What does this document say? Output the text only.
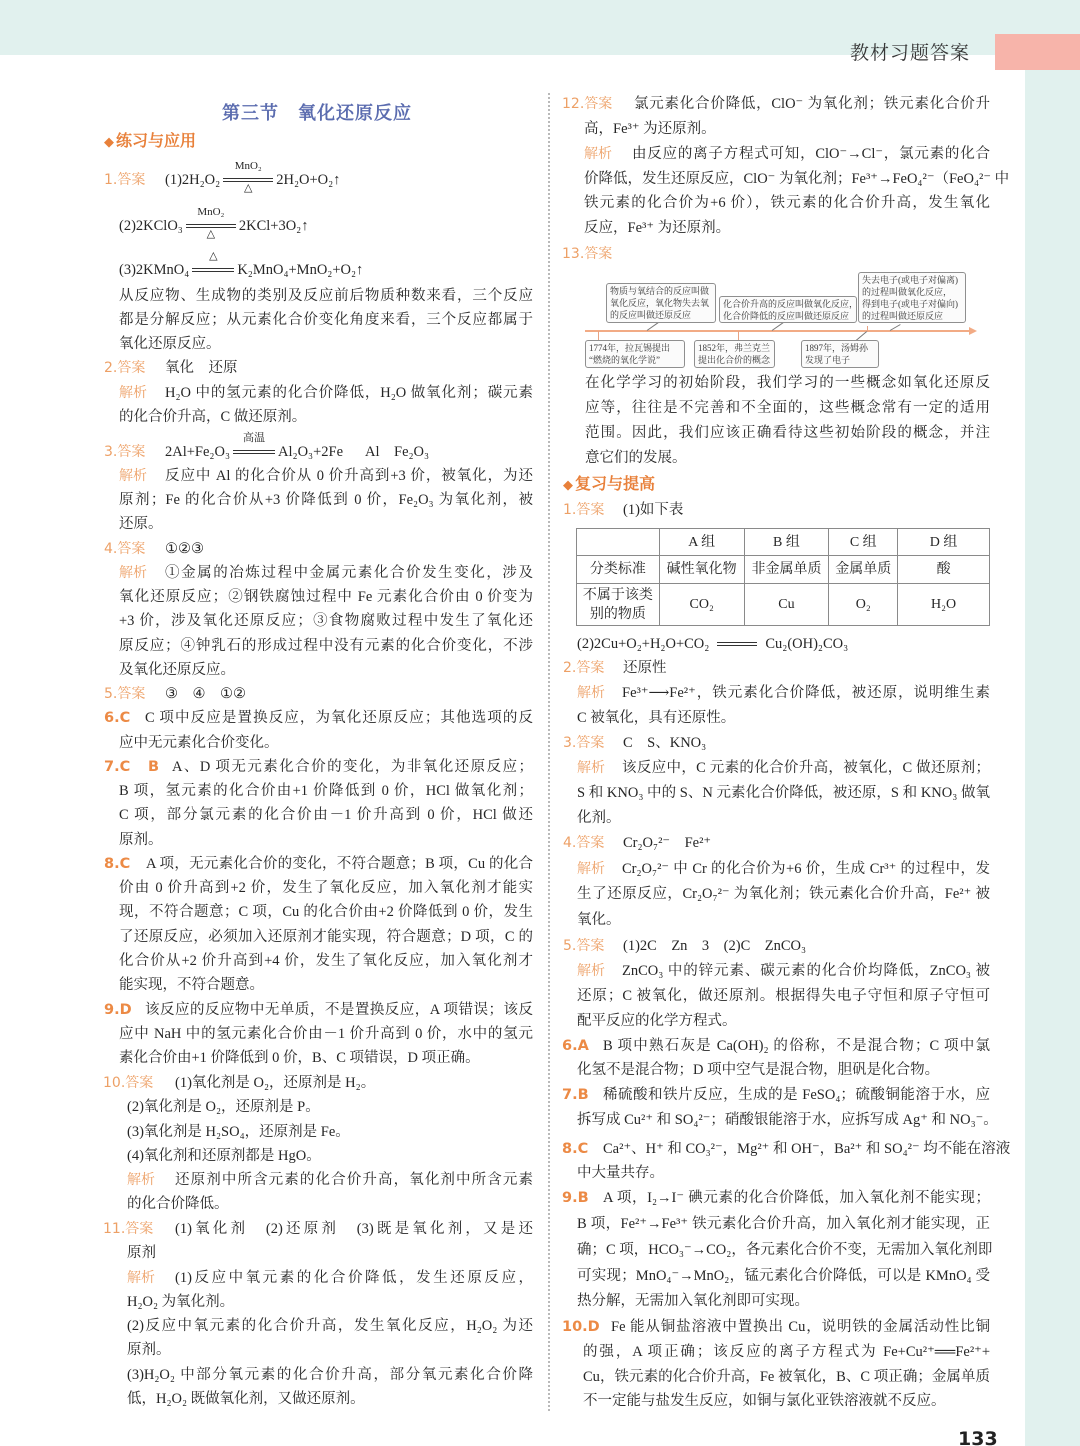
教材习题答案
第三节　氧化还原反应
◆ 练习与应用
1.答案 (1)2H₂O₂
MnO₂
△	2H₂O+O₂↑
(2)2KClO₃
MnO₂
△	2KCl+3O₂↑
(3)2KMnO₄
△
K₂MnO₄+MnO₂+O₂↑
从反应物、生成物的类别及反应前后物质种数来看，三个反应
都是分解反应；从元素化合价变化角度来看，三个反应都属于
氧化还原反应。
2.答案 氧化　还原
解析 H₂O 中的氢元素的化合价降低，H₂O 做氧化剂；碳元素
的化合价升高，C 做还原剂。
3.答案 2Al+Fe₂O₃
高温
Al₂O₃+2Fe Al　Fe₂O₃
解析 反应中 Al 的化合价从 0 价升高到+3 价，被氧化，为还
原剂；Fe 的化合价从+3 价降低到 0 价，Fe₂O₃ 为氧化剂，被
还原。
4.答案 ①②③
解析 ①金属的冶炼过程中金属元素化合价发生变化，涉及
氧化还原反应；②钢铁腐蚀过程中 Fe 元素化合价由 0 价变为
+3 价，涉及氧化还原反应；③食物腐败过程中发生了氧化还
原反应；④钟乳石的形成过程中没有元素的化合价变化，不涉
及氧化还原反应。
5.答案 ③　④　①②
6.C C 项中反应是置换反应，为氧化还原反应；其他选项的反
应中无元素化合价变化。
7.C B A、D 项无元素化合价的变化，为非氧化还原反应；
B 项，氢元素的化合价由+1 价降低到 0 价，HCl 做氧化剂；
C 项，部分氯元素的化合价由－1 价升高到 0 价，HCl 做还
原剂。
8.C A 项，无元素化合价的变化，不符合题意；B 项，Cu 的化合
价由 0 价升高到+2 价，发生了氧化反应，加入氧化剂才能实
现，不符合题意；C 项，Cu 的化合价由+2 价降低到 0 价，发生
了还原反应，必须加入还原剂才能实现，符合题意；D 项，C 的
化合价从+2 价升高到+4 价，发生了氧化反应，加入氧化剂才
能实现，不符合题意。
9.D 该反应的反应物中无单质，不是置换反应，A 项错误；该反
应中 NaH 中的氢元素化合价由－1 价升高到 0 价，水中的氢元
素化合价由+1 价降低到 0 价，B、C 项错误，D 项正确。
10.答案 (1)氧化剂是 O₂，还原剂是 H₂。
(2)氧化剂是 O₂，还原剂是 P。
(3)氧化剂是 H₂SO₄，还原剂是 Fe。
(4)氧化剂和还原剂都是 HgO。
解析 还原剂中所含元素的化合价升高，氧化剂中所含元素
的化合价降低。
11.答案 (1)氧化剂　(2)还原剂　(3)既是氧化剂，又是还
原剂
解析 (1)反应中氧元素的化合价降低，发生还原反应，
H₂O₂ 为氧化剂。
(2)反应中氧元素的化合价升高，发生氧化反应，H₂O₂ 为还
原剂。
(3)H₂O₂ 中部分氧元素的化合价升高，部分氧元素化合价降
低，H₂O₂ 既做氧化剂，又做还原剂。
12.答案 氯元素化合价降低，ClO⁻ 为氧化剂；铁元素化合价升
高，Fe³⁺ 为还原剂。
解析 由反应的离子方程式可知，ClO⁻→Cl⁻，氯元素的化合
价降低，发生还原反应，ClO⁻ 为氧化剂；Fe³⁺→FeO₄²⁻（FeO₄²⁻ 中
铁元素的化合价为+6 价），铁元素的化合价升高，发生氧化
反应，Fe³⁺ 为还原剂。
13.答案
物质与氧结合的反应叫做
氧化反应，氧化物失去氧
的反应叫做还原反应
化合价升高的反应叫做氧化反应，
化合价降低的反应叫做还原反应
失去电子(或电子对偏离)
的过程叫做氧化反应，
得到电子(或电子对偏向)
的过程叫做还原反应
1774年，拉瓦锡提出
“燃烧的氧化学说”
1852年，弗兰克兰
提出化合价的概念
1897年，汤姆孙
发现了电子
在化学学习的初始阶段，我们学习的一些概念如氧化还原反
应等，往往是不完善和不全面的，这些概念常有一定的适用
范围。因此，我们应该正确看待这些初始阶段的概念，并注
意它们的发展。
◆ 复习与提高
1.答案 (1)如下表
	A 组	B 组	C 组	D 组
分类标准	碱性氧化物	非金属单质	金属单质	酸
不属于该类别的物质	CO₂	Cu	O₂	H₂O
(2)2Cu+O₂+H₂O+CO₂	Cu₂(OH)₂CO₃
2.答案 还原性
解析 Fe³⁺⟶Fe²⁺，铁元素化合价降低，被还原，说明维生素
C 被氧化，具有还原性。
3.答案 C　S、KNO₃
解析 该反应中，C 元素的化合价升高，被氧化，C 做还原剂；
S 和 KNO₃ 中的 S、N 元素化合价降低，被还原，S 和 KNO₃ 做氧
化剂。
4.答案 Cr₂O₇²⁻　Fe²⁺
解析 Cr₂O₇²⁻ 中 Cr 的化合价为+6 价，生成 Cr³⁺ 的过程中，发
生了还原反应，Cr₂O₇²⁻ 为氧化剂；铁元素化合价升高，Fe²⁺ 被
氧化。
5.答案 (1)2C　Zn　3　(2)C　ZnCO₃
解析 ZnCO₃ 中的锌元素、碳元素的化合价均降低，ZnCO₃ 被
还原；C 被氧化，做还原剂。根据得失电子守恒和原子守恒可
配平反应的化学方程式。
6.A B 项中熟石灰是 Ca(OH)₂ 的俗称，不是混合物；C 项中氯
化氢不是混合物；D 项中空气是混合物，胆矾是化合物。
7.B 稀硫酸和铁片反应，生成的是 FeSO₄；硫酸铜能溶于水，应
拆写成 Cu²⁺ 和 SO₄²⁻；硝酸银能溶于水，应拆写成 Ag⁺ 和 NO₃⁻。
8.C Ca²⁺、H⁺ 和 CO₃²⁻，Mg²⁺ 和 OH⁻，Ba²⁺ 和 SO₄²⁻ 均不能在溶液
中大量共存。
9.B A 项，I₂→I⁻ 碘元素的化合价降低，加入氧化剂不能实现；
B 项，Fe²⁺→Fe³⁺ 铁元素化合价升高，加入氧化剂才能实现，正
确；C 项，HCO₃⁻→CO₂，各元素化合价不变，无需加入氧化剂即
可实现；MnO₄⁻→MnO₂，锰元素化合价降低，可以是 KMnO₄ 受
热分解，无需加入氧化剂即可实现。
10.D Fe 能从铜盐溶液中置换出 Cu，说明铁的金属活动性比铜
的强，A 项正确；该反应的离子方程式为 Fe+Cu²⁺══Fe²⁺+
Cu，铁元素的化合价升高，Fe 被氧化，B、C 项正确；金属单质
不一定能与盐发生反应，如铜与氯化亚铁溶液就不反应。
133
